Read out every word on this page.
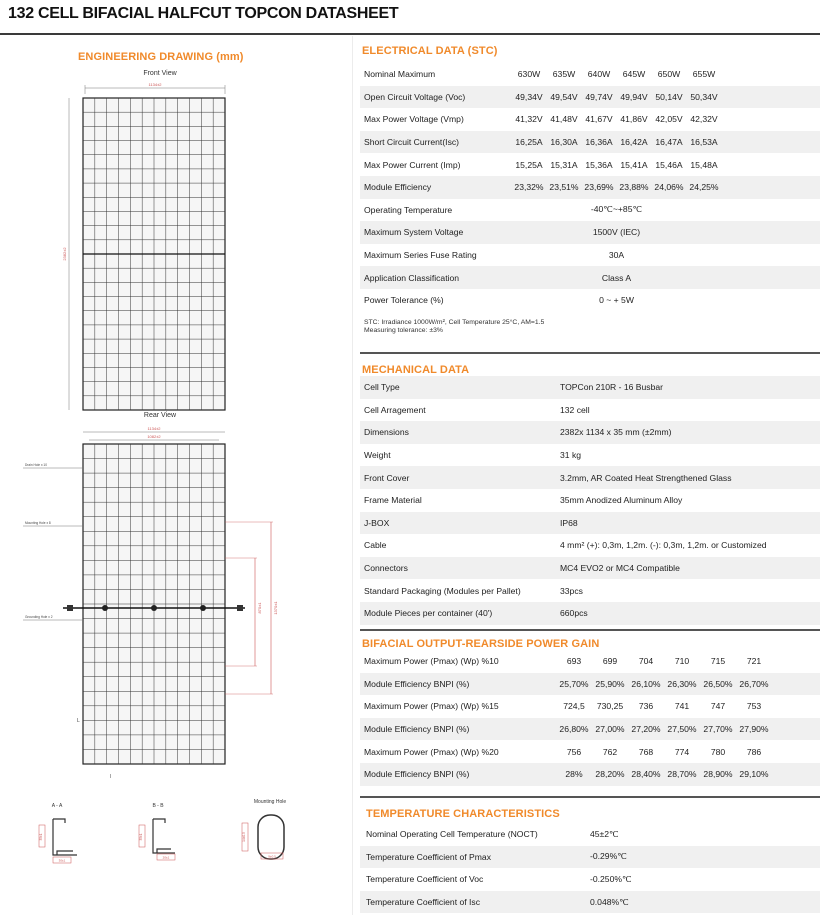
132 CELL BIFACIAL HALFCUT TOPCON DATASHEET
ENGINEERING DRAWING (mm)
Front View
Rear View
1134±2
2382±2
1134±2
1082±2
Drain Hole x 10
Mounting Hole x 8
Grounding Hole x 2
1370±1
870±1
L
l
A - A	B - B
Mounting Hole
35±1
30±1
35±1
20±1
14±0.5
9±0.5
ELECTRICAL DATA (STC)
Nominal Maximum	630W	635W	640W	645W	650W	655W
Open Circuit Voltage (Voc)	49,34V 49,54V 49,74V 49,94V 50,14V 50,34V
Max Power Voltage (Vmp)	41,32V 41,48V 41,67V 41,86V 42,05V 42,32V
Short Circuit Current(Isc)	16,25A 16,30A 16,36A 16,42A 16,47A 16,53A
Max Power Current (Imp)	15,25A 15,31A 15,36A 15,41A 15,46A 15,48A
Module Efficiency	23,32% 23,51% 23,69% 23,88% 24,06% 24,25%
Operating Temperature	-40℃~+85℃
Maximum System Voltage	1500V (IEC)
Maximum Series Fuse Rating	30A
Application Classification	Class A
Power Tolerance (%)	0 ~ + 5W
STC: Irradiance 1000W/m², Cell Temperature 25°C, AM=1.5
Measuring tolerance: ±3%
MECHANICAL DATA
Cell Type	TOPCon 210R - 16 Busbar
Cell Arragement	132 cell
Dimensions	2382x 1134 x 35 mm (±2mm)
Weight	31 kg
Front Cover	3.2mm, AR Coated Heat Strengthened Glass
Frame Material	35mm Anodized Aluminum Alloy
J-BOX	IP68
Cable	4 mm² (+): 0,3m, 1,2m. (-): 0,3m, 1,2m. or Customized
Connectors	MC4 EVO2 or MC4 Compatible
Standard Packaging (Modules per Pallet)	33pcs
Module Pieces per container (40')	660pcs
BIFACIAL OUTPUT-REARSIDE POWER GAIN
Maximum Power (Pmax) (Wp) %10	693	699	704	710	715	721
Module Efficiency BNPI (%)	25,70% 25,90% 26,10% 26,30% 26,50% 26,70%
Maximum Power (Pmax) (Wp) %15	724,5	730,25	736	741	747	753
Module Efficiency BNPI (%)	26,80% 27,00% 27,20% 27,50% 27,70% 27,90%
Maximum Power (Pmax) (Wp) %20	756	762	768	774	780	786
Module Efficiency BNPI (%)	28%	28,20% 28,40% 28,70% 28,90% 29,10%
TEMPERATURE CHARACTERISTICS
Nominal Operating Cell Temperature (NOCT)	45±2℃
Temperature Coefficient of Pmax	-0.29%℃
Temperature Coefficient of Voc	-0.250%℃
Temperature Coefficient of Isc	0.048%℃
